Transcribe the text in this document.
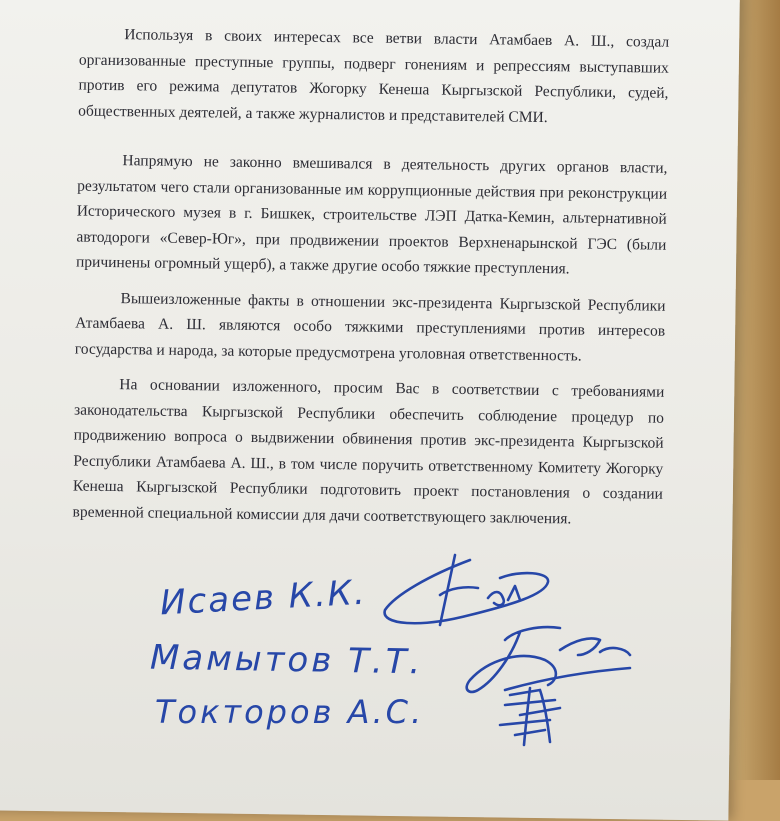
Используя в своих интересах все ветви власти Атамбаев А. Ш., создал организованные преступные группы, подверг гонениям и репрессиям выступавших против его режима депутатов Жогорку Кенеша Кыргызской Республики, судей, общественных деятелей, а также журналистов и представителей СМИ.

Напрямую не законно вмешивался в деятельность других органов власти, результатом чего стали организованные им коррупционные действия при реконструкции Исторического музея в г. Бишкек, строительстве ЛЭП Датка-Кемин, альтернативной автодороги «Север-Юг», при продвижении проектов Верхненарынской ГЭС (были причинены огромный ущерб), а также другие особо тяжкие преступления.

Вышеизложенные факты в отношении экс-президента Кыргызской Республики Атамбаева А. Ш. являются особо тяжкими преступлениями против интересов государства и народа, за которые предусмотрена уголовная ответственность.

На основании изложенного, просим Вас в соответствии с требованиями законодательства Кыргызской Республики обеспечить соблюдение процедур по продвижению вопроса о выдвижении обвинения против экс-президента Кыргызской Республики Атамбаева А. Ш., в том числе поручить ответственному Комитету Жогорку Кенеша Кыргызской Республики подготовить проект постановления о создании временной специальной комиссии для дачи соответствующего заключения.

Исаев К.К.
Мамытов Т.Т.
Токторов А.С.
